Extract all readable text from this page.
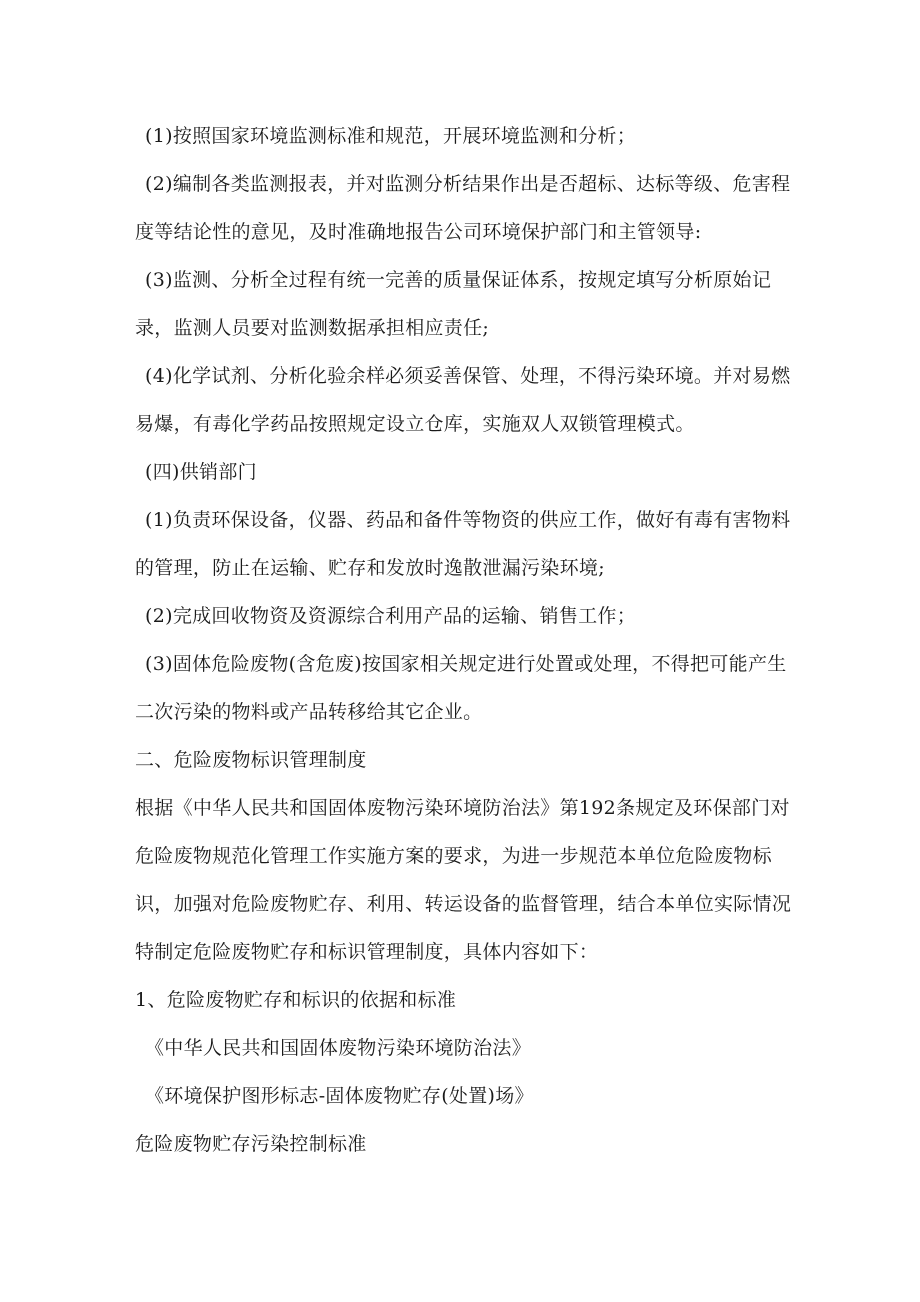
(1)按照国家环境监测标准和规范，开展环境监测和分析；

(2)编制各类监测报表，并对监测分析结果作出是否超标、达标等级、危害程度等结论性的意见，及时准确地报告公司环境保护部门和主管领导:

(3)监测、分析全过程有统一完善的质量保证体系，按规定填写分析原始记录，监测人员要对监测数据承担相应责任;

(4)化学试剂、分析化验余样必须妥善保管、处理，不得污染环境。并对易燃易爆，有毒化学药品按照规定设立仓库，实施双人双锁管理模式。

(四)供销部门

(1)负责环保设备，仪器、药品和备件等物资的供应工作，做好有毒有害物料的管理，防止在运输、贮存和发放时逸散泄漏污染环境;

(2)完成回收物资及资源综合利用产品的运输、销售工作；

(3)固体危险废物(含危废)按国家相关规定进行处置或处理，不得把可能产生二次污染的物料或产品转移给其它企业。

二、危险废物标识管理制度

根据《中华人民共和国固体废物污染环境防治法》第192条规定及环保部门对危险废物规范化管理工作实施方案的要求，为进一步规范本单位危险废物标识，加强对危险废物贮存、利用、转运设备的监督管理，结合本单位实际情况特制定危险废物贮存和标识管理制度，具体内容如下：

1、危险废物贮存和标识的依据和标准

《中华人民共和国固体废物污染环境防治法》

《环境保护图形标志-固体废物贮存(处置)场》

危险废物贮存污染控制标准
